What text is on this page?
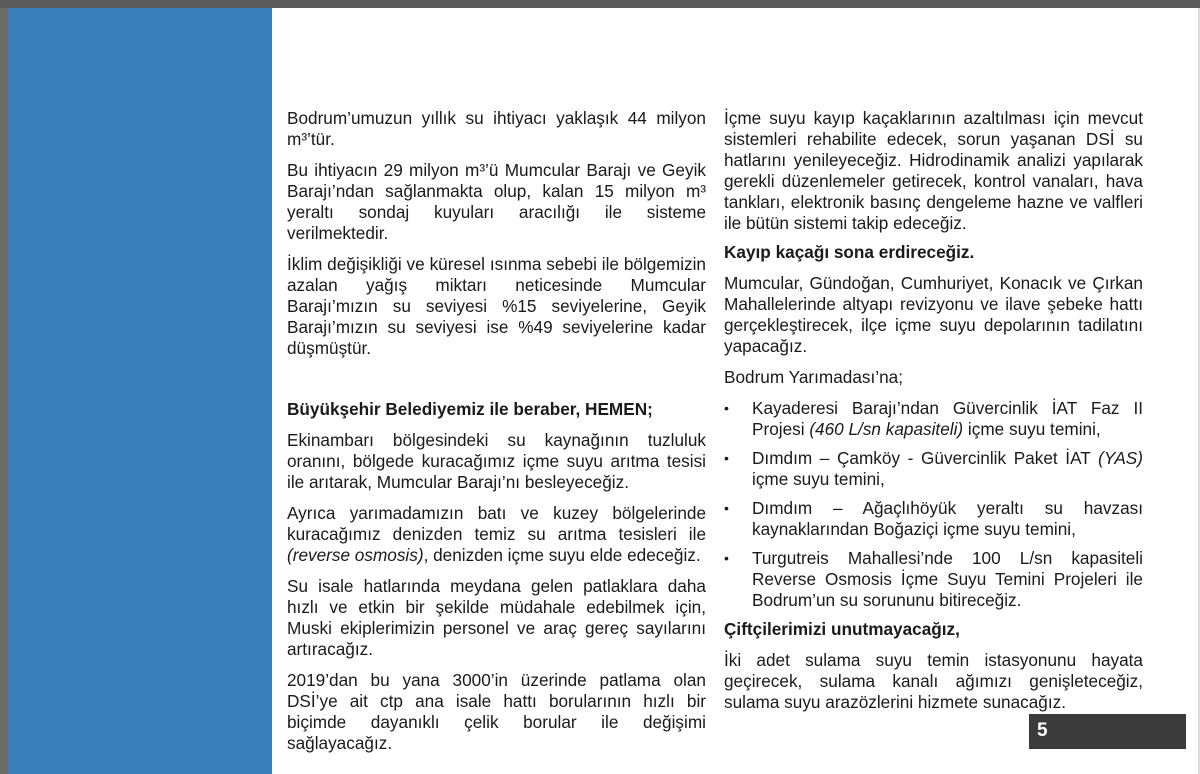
Bodrum’umuzun yıllık su ihtiyacı yaklaşık 44 milyon m³’tür.

Bu ihtiyacın 29 milyon m³’ü Mumcular Barajı ve Geyik Barajı’ndan sağlanmakta olup, kalan 15 milyon m³ yeraltı sondaj kuyuları aracılığı ile sisteme verilmektedir.

İklim değişikliği ve küresel ısınma sebebi ile bölgemizin azalan yağış miktarı neticesinde Mumcular Barajı’mızın su seviyesi %15 seviyelerine, Geyik Barajı’mızın su seviyesi ise %49 seviyelerine kadar düşmüştür.

Büyükşehir Belediyemiz ile beraber, HEMEN;

Ekinambarı bölgesindeki su kaynağının tuzluluk oranını, bölgede kuracağımız içme suyu arıtma tesisi ile arıtarak, Mumcular Barajı’nı besleyeceğiz.

Ayrıca yarımadamızın batı ve kuzey bölgelerinde kuracağımız denizden temiz su arıtma tesisleri ile (reverse osmosis), denizden içme suyu elde edeceğiz.

Su isale hatlarında meydana gelen patlaklara daha hızlı ve etkin bir şekilde müdahale edebilmek için, Muski ekiplerimizin personel ve araç gereç sayılarını artıracağız.

2019’dan bu yana 3000’in üzerinde patlama olan DSİ’ye ait ctp ana isale hattı borularının hızlı bir biçimde dayanıklı çelik borular ile değişimi sağlayacağız.

İçme suyu kayıp kaçaklarının azaltılması için mevcut sistemleri rehabilite edecek, sorun yaşanan DSİ su hatlarını yenileyeceğiz. Hidrodinamik analizi yapılarak gerekli düzenlemeler getirecek, kontrol vanaları, hava tankları, elektronik basınç dengeleme hazne ve valfleri ile bütün sistemi takip edeceğiz.

Kayıp kaçağı sona erdireceğiz.

Mumcular, Gündoğan, Cumhuriyet, Konacık ve Çırkan Mahallelerinde altyapı revizyonu ve ilave şebeke hattı gerçekleştirecek, ilçe içme suyu depolarının tadilatını yapacağız.

Bodrum Yarımadası’na;

• Kayaderesi Barajı’ndan Güvercinlik İAT Faz II Projesi (460 L/sn kapasiteli) içme suyu temini,
• Dımdım – Çamköy - Güvercinlik Paket İAT (YAS) içme suyu temini,
• Dımdım – Ağaçlıhöyük yeraltı su havzası kaynaklarından Boğaziçi içme suyu temini,
• Turgutreis Mahallesi’nde 100 L/sn kapasiteli Reverse Osmosis İçme Suyu Temini Projeleri ile Bodrum’un su sorununu bitireceğiz.
Çiftçilerimizi unutmayacağız,

İki adet sulama suyu temin istasyonunu hayata geçirecek, sulama kanalı ağımızı genişleteceğiz, sulama suyu arazözlerini hizmete sunacağız.

5
